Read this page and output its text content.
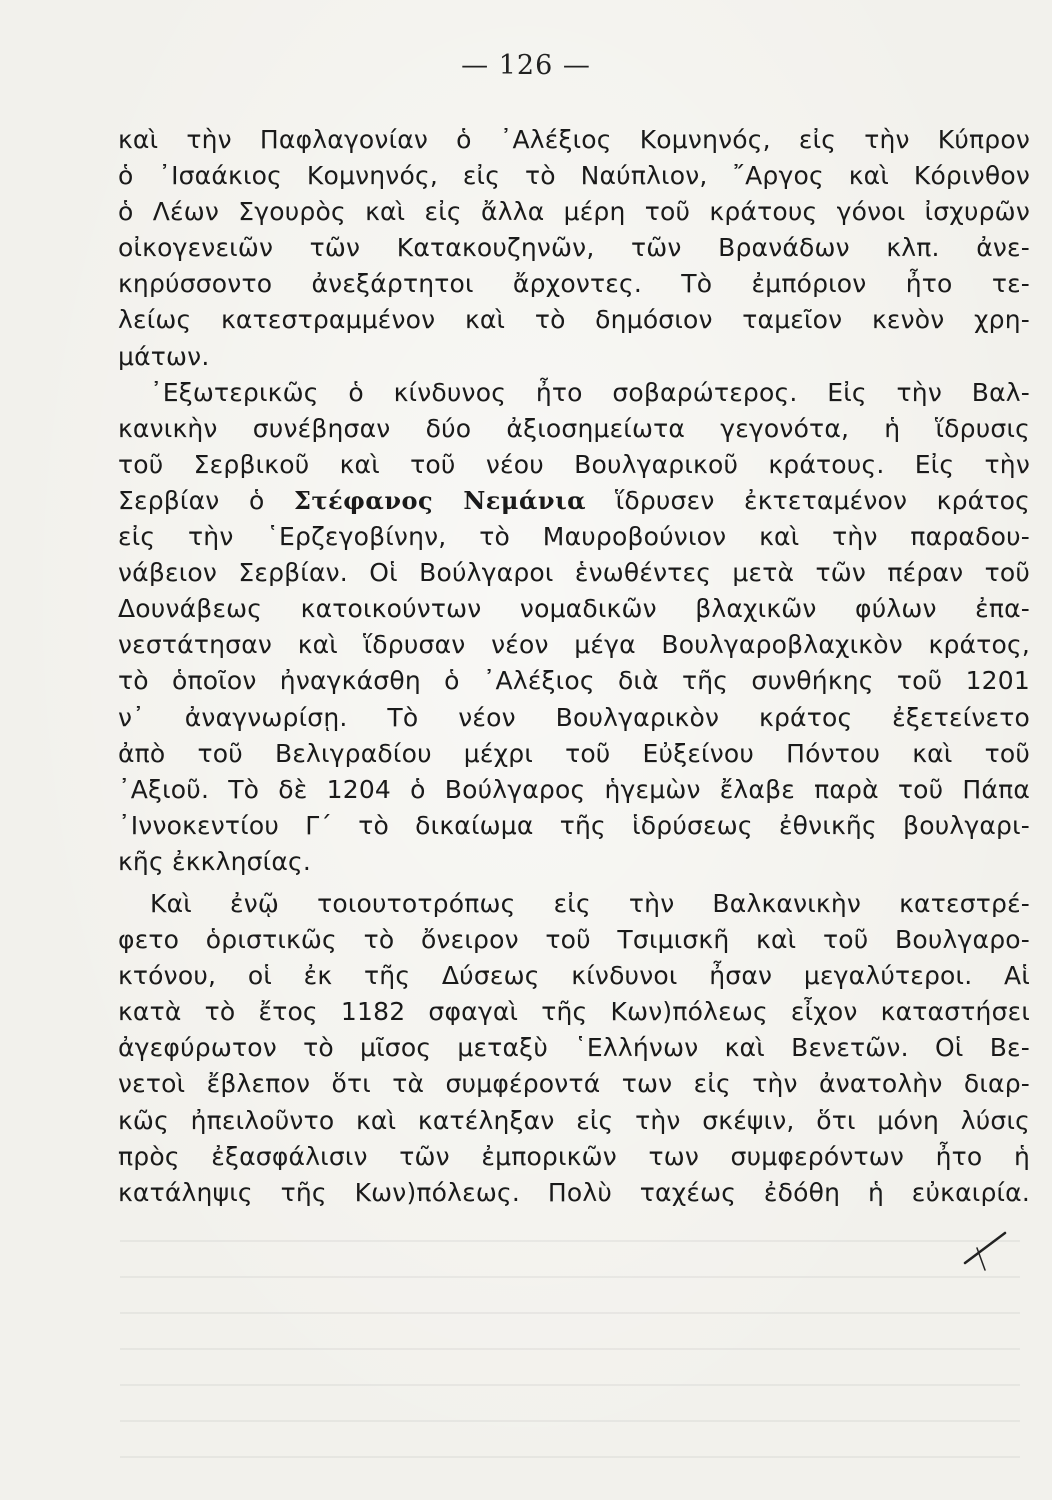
— 126 —
καὶ τὴν Παφλαγονίαν ὁ ᾿Αλέξιος Κομνηνός, εἰς τὴν Κύπρον
ὁ ᾿Ισαάκιος Κομνηνός, εἰς τὸ Ναύπλιον, ῎Αργος καὶ Κόρινθον
ὁ Λέων Σγουρὸς καὶ εἰς ἄλλα μέρη τοῦ κράτους γόνοι ἰσχυρῶν
οἰκογενειῶν τῶν Κατακουζηνῶν, τῶν Βρανάδων κλπ. ἀνε-
κηρύσσοντο ἀνεξάρτητοι ἄρχοντες. Τὸ ἐμπόριον ἦτο τε-
λείως κατεστραμμένον καὶ τὸ δημόσιον ταμεῖον κενὸν χρη-
μάτων.
᾿Εξωτερικῶς ὁ κίνδυνος ἦτο σοβαρώτερος. Εἰς τὴν Βαλ-
κανικὴν συνέβησαν δύο ἀξιοσημείωτα γεγονότα, ἡ ἵδρυσις
τοῦ Σερβικοῦ καὶ τοῦ νέου Βουλγαρικοῦ κράτους. Εἰς τὴν
Σερβίαν ὁ Στέφανος Νεμάνια ἵδρυσεν ἐκτεταμένον κράτος
εἰς τὴν ῾Ερζεγοβίνην, τὸ Μαυροβούνιον καὶ τὴν παραδου-
νάβειον Σερβίαν. Οἱ Βούλγαροι ἑνωθέντες μετὰ τῶν πέραν τοῦ
Δουνάβεως κατοικούντων νομαδικῶν βλαχικῶν φύλων ἐπα-
νεστάτησαν καὶ ἵδρυσαν νέον μέγα Βουλγαροβλαχικὸν κράτος,
τὸ ὁποῖον ἠναγκάσθη ὁ ᾿Αλέξιος διὰ τῆς συνθήκης τοῦ 1201
ν᾿ ἀναγνωρίσῃ. Τὸ νέον Βουλγαρικὸν κράτος ἐξετείνετο
ἀπὸ τοῦ Βελιγραδίου μέχρι τοῦ Εὐξείνου Πόντου καὶ τοῦ
᾿Αξιοῦ. Τὸ δὲ 1204 ὁ Βούλγαρος ἡγεμὼν ἔλαβε παρὰ τοῦ Πάπα
᾿Ιννοκεντίου Γ΄ τὸ δικαίωμα τῆς ἱδρύσεως ἐθνικῆς βουλγαρι-
κῆς ἐκκλησίας.
Καὶ ἐνῷ τοιουτοτρόπως εἰς τὴν Βαλκανικὴν κατεστρέ-
φετο ὁριστικῶς τὸ ὄνειρον τοῦ Τσιμισκῆ καὶ τοῦ Βουλγαρο-
κτόνου, οἱ ἐκ τῆς Δύσεως κίνδυνοι ἦσαν μεγαλύτεροι. Αἱ
κατὰ τὸ ἔτος 1182 σφαγαὶ τῆς Κων)πόλεως εἶχον καταστήσει
ἀγεφύρωτον τὸ μῖσος μεταξὺ ῾Ελλήνων καὶ Βενετῶν. Οἱ Βε-
νετοὶ ἔβλεπον ὅτι τὰ συμφέροντά των εἰς τὴν ἀνατολὴν διαρ-
κῶς ἠπειλοῦντο καὶ κατέληξαν εἰς τὴν σκέψιν, ὅτι μόνη λύσις
πρὸς ἐξασφάλισιν τῶν ἐμπορικῶν των συμφερόντων ἦτο ἡ
κατάληψις τῆς Κων)πόλεως. Πολὺ ταχέως ἐδόθη ἡ εὐκαιρία.
